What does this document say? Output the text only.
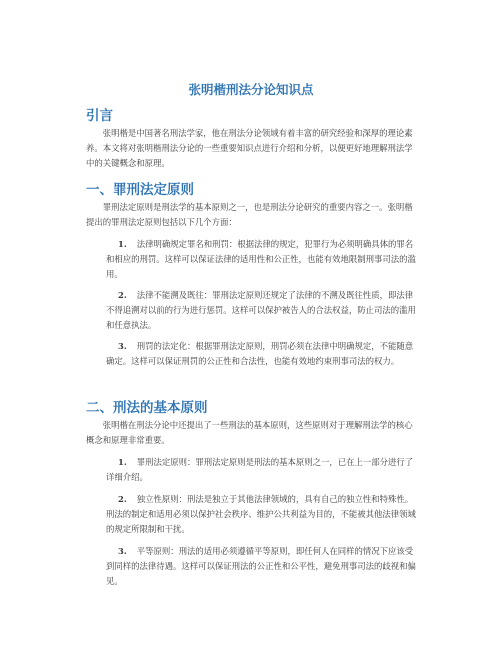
张明楷刑法分论知识点
引言

张明楷是中国著名刑法学家，他在刑法分论领域有着丰富的研究经验和深厚的理论素养。本文将对张明楷刑法分论的一些重要知识点进行介绍和分析，以便更好地理解刑法学中的关键概念和原理。

一、罪刑法定原则

罪刑法定原则是刑法学的基本原则之一，也是刑法分论研究的重要内容之一。张明楷提出的罪刑法定原则包括以下几个方面：

1. 法律明确规定罪名和刑罚：根据法律的规定，犯罪行为必须明确具体的罪名和相应的刑罚。这样可以保证法律的适用性和公正性，也能有效地限制刑事司法的滥用。

2. 法律不能溯及既往：罪刑法定原则还规定了法律的不溯及既往性质，即法律不得追溯对以前的行为进行惩罚。这样可以保护被告人的合法权益，防止司法的滥用和任意执法。

3. 刑罚的法定化：根据罪刑法定原则，刑罚必须在法律中明确规定，不能随意确定。这样可以保证刑罚的公正性和合法性，也能有效地约束刑事司法的权力。

二、刑法的基本原则

张明楷在刑法分论中还提出了一些刑法的基本原则，这些原则对于理解刑法学的核心概念和原理非常重要。

1. 罪刑法定原则：罪刑法定原则是刑法的基本原则之一，已在上一部分进行了详细介绍。

2. 独立性原则：刑法是独立于其他法律领域的，具有自己的独立性和特殊性。刑法的制定和适用必须以保护社会秩序、维护公共利益为目的，不能被其他法律领域的规定所限制和干扰。

3. 平等原则：刑法的适用必须遵循平等原则，即任何人在同样的情况下应该受到同样的法律待遇。这样可以保证刑法的公正性和公平性，避免刑事司法的歧视和偏见。
